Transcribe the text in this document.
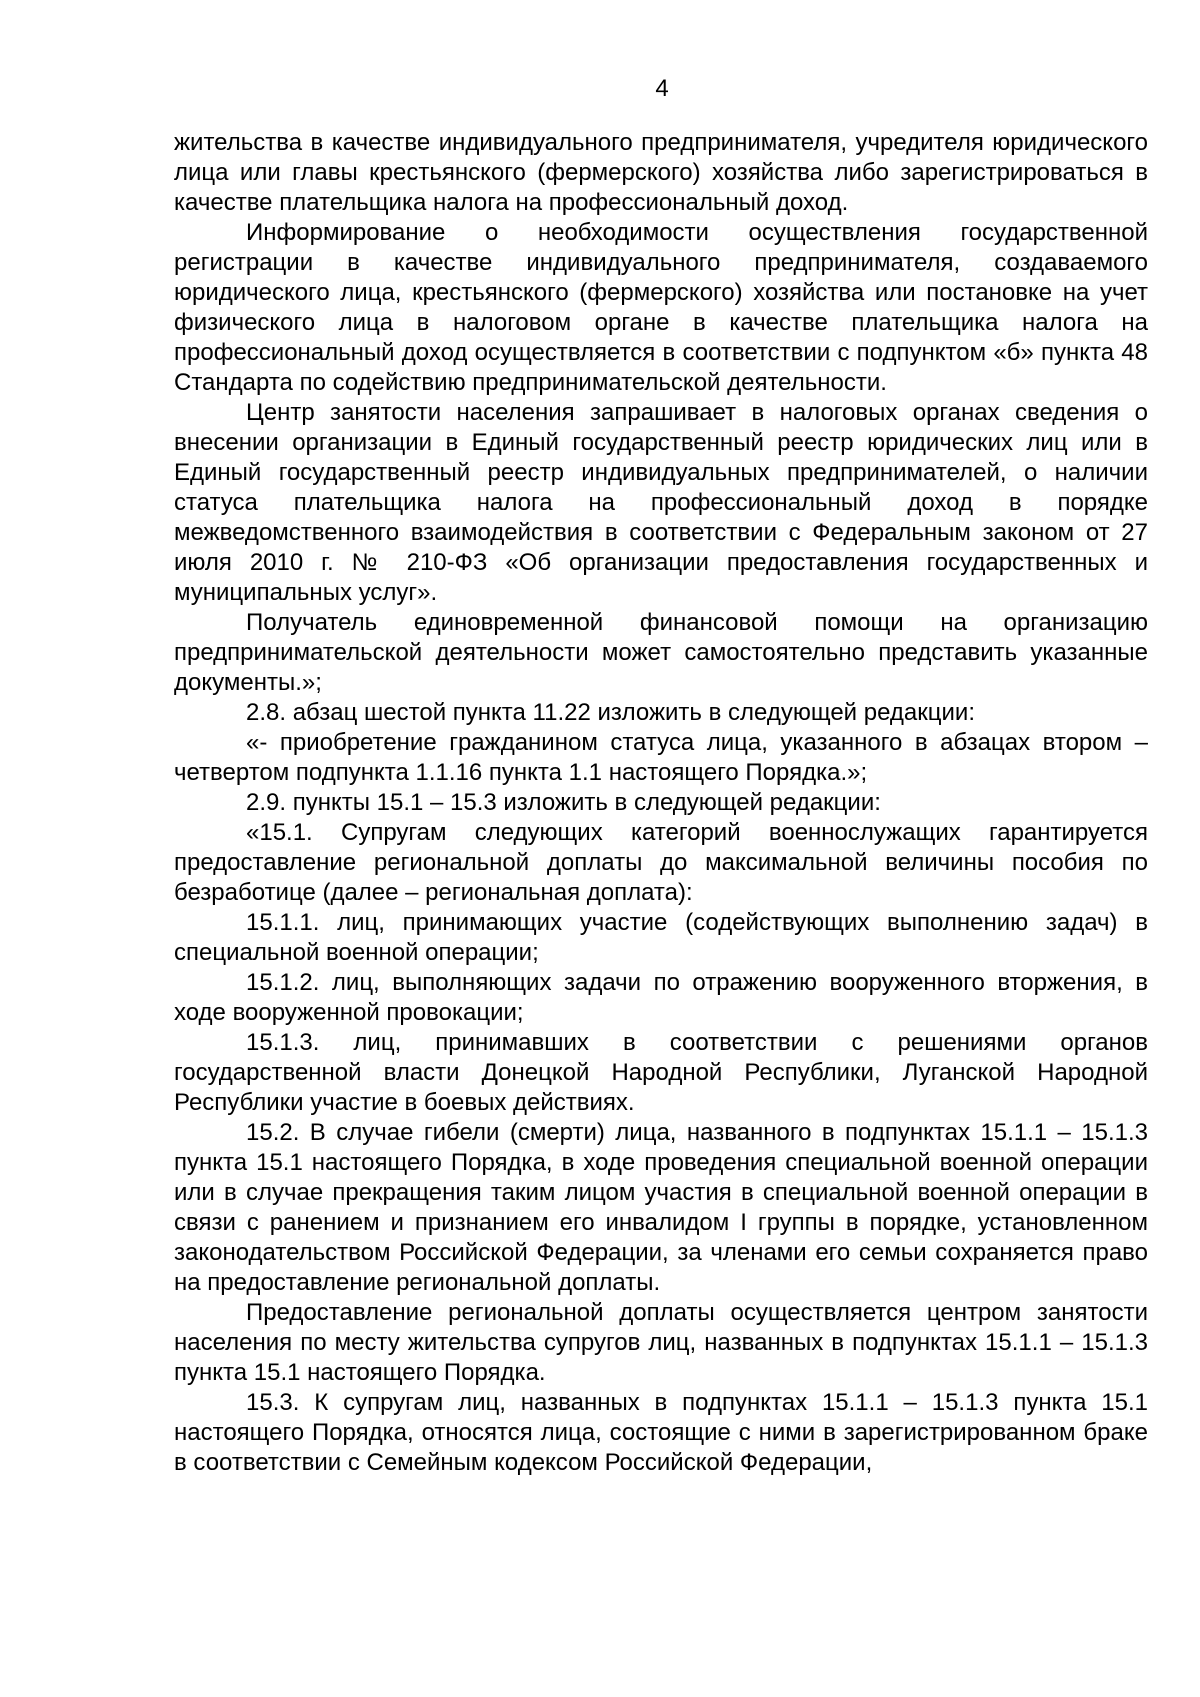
4

жительства в качестве индивидуального предпринимателя, учредителя юридического лица или главы крестьянского (фермерского) хозяйства либо зарегистрироваться в качестве плательщика налога на профессиональный доход.

Информирование о необходимости осуществления государственной регистрации в качестве индивидуального предпринимателя, создаваемого юридического лица, крестьянского (фермерского) хозяйства или постановке на учет физического лица в налоговом органе в качестве плательщика налога на профессиональный доход осуществляется в соответствии с подпунктом «б» пункта 48 Стандарта по содействию предпринимательской деятельности.

Центр занятости населения запрашивает в налоговых органах сведения о внесении организации в Единый государственный реестр юридических лиц или в Единый государственный реестр индивидуальных предпринимателей, о наличии статуса плательщика налога на профессиональный доход в порядке межведомственного взаимодействия в соответствии с Федеральным законом от 27 июля 2010 г. № 210-ФЗ «Об организации предоставления государственных и муниципальных услуг».

Получатель единовременной финансовой помощи на организацию предпринимательской деятельности может самостоятельно представить указанные документы.»;

2.8. абзац шестой пункта 11.22 изложить в следующей редакции:

«- приобретение гражданином статуса лица, указанного в абзацах втором – четвертом подпункта 1.1.16 пункта 1.1 настоящего Порядка.»;

2.9. пункты 15.1 – 15.3 изложить в следующей редакции:

«15.1. Супругам следующих категорий военнослужащих гарантируется предоставление региональной доплаты до максимальной величины пособия по безработице (далее – региональная доплата):

15.1.1. лиц, принимающих участие (содействующих выполнению задач) в специальной военной операции;

15.1.2. лиц, выполняющих задачи по отражению вооруженного вторжения, в ходе вооруженной провокации;

15.1.3. лиц, принимавших в соответствии с решениями органов государственной власти Донецкой Народной Республики, Луганской Народной Республики участие в боевых действиях.

15.2. В случае гибели (смерти) лица, названного в подпунктах 15.1.1 – 15.1.3 пункта 15.1 настоящего Порядка, в ходе проведения специальной военной операции или в случае прекращения таким лицом участия в специальной военной операции в связи с ранением и признанием его инвалидом I группы в порядке, установленном законодательством Российской Федерации, за членами его семьи сохраняется право на предоставление региональной доплаты.

Предоставление региональной доплаты осуществляется центром занятости населения по месту жительства супругов лиц, названных в подпунктах 15.1.1 – 15.1.3 пункта 15.1 настоящего Порядка.

15.3. К супругам лиц, названных в подпунктах 15.1.1 – 15.1.3 пункта 15.1 настоящего Порядка, относятся лица, состоящие с ними в зарегистрированном браке в соответствии с Семейным кодексом Российской Федерации,
